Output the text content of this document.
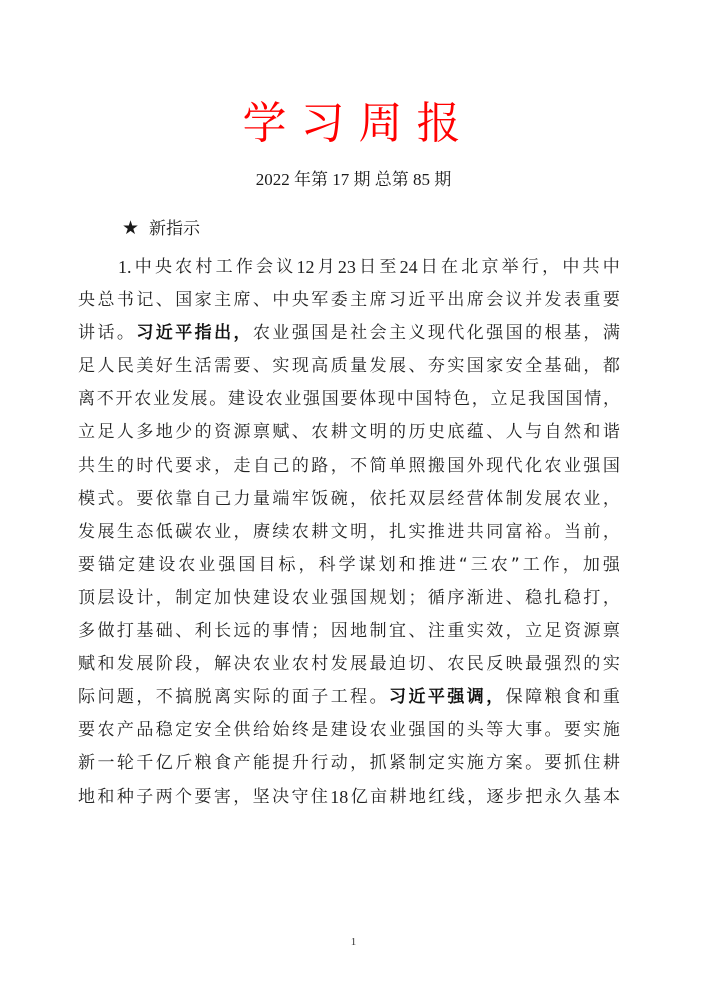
学习周报
2022 年第 17 期 总第 85 期
★ 新指示
1. 中 央 农 村 工 作 会 议 12 月 23 日 至 24 日 在 北 京 举 行 ， 中 共 中
央 总 书 记 、 国 家 主 席 、 中 央 军 委 主 席 习 近 平 出 席 会 议 并 发 表 重 要
讲 话 。 习 近 平 指 出 ， 农 业 强 国 是 社 会 主 义 现 代 化 强 国 的 根 基 ， 满
足 人 民 美 好 生 活 需 要 、 实 现 高 质 量 发 展 、 夯 实 国 家 安 全 基 础 ， 都
离 不 开 农 业 发 展 。 建 设 农 业 强 国 要 体 现 中 国 特 色 ， 立 足 我 国 国 情 ，
立 足 人 多 地 少 的 资 源 禀 赋 、 农 耕 文 明 的 历 史 底 蕴 、 人 与 自 然 和 谐
共 生 的 时 代 要 求 ， 走 自 己 的 路 ， 不 简 单 照 搬 国 外 现 代 化 农 业 强 国
模 式 。 要 依 靠 自 己 力 量 端 牢 饭 碗 ， 依 托 双 层 经 营 体 制 发 展 农 业 ，
发 展 生 态 低 碳 农 业 ， 赓 续 农 耕 文 明 ， 扎 实 推 进 共 同 富 裕 。 当 前 ，
要 锚 定 建 设 农 业 强 国 目 标 ， 科 学 谋 划 和 推 进 “ 三 农 ” 工 作 ， 加 强
顶 层 设 计 ， 制 定 加 快 建 设 农 业 强 国 规 划 ； 循 序 渐 进 、 稳 扎 稳 打 ，
多 做 打 基 础 、 利 长 远 的 事 情 ； 因 地 制 宜 、 注 重 实 效 ， 立 足 资 源 禀
赋 和 发 展 阶 段 ， 解 决 农 业 农 村 发 展 最 迫 切 、 农 民 反 映 最 强 烈 的 实
际 问 题 ， 不 搞 脱 离 实 际 的 面 子 工 程 。 习 近 平 强 调 ， 保 障 粮 食 和 重
要 农 产 品 稳 定 安 全 供 给 始 终 是 建 设 农 业 强 国 的 头 等 大 事 。 要 实 施
新 一 轮 千 亿 斤 粮 食 产 能 提 升 行 动 ， 抓 紧 制 定 实 施 方 案 。 要 抓 住 耕
地 和 种 子 两 个 要 害 ， 坚 决 守 住 18 亿 亩 耕 地 红 线 ， 逐 步 把 永 久 基 本
1
